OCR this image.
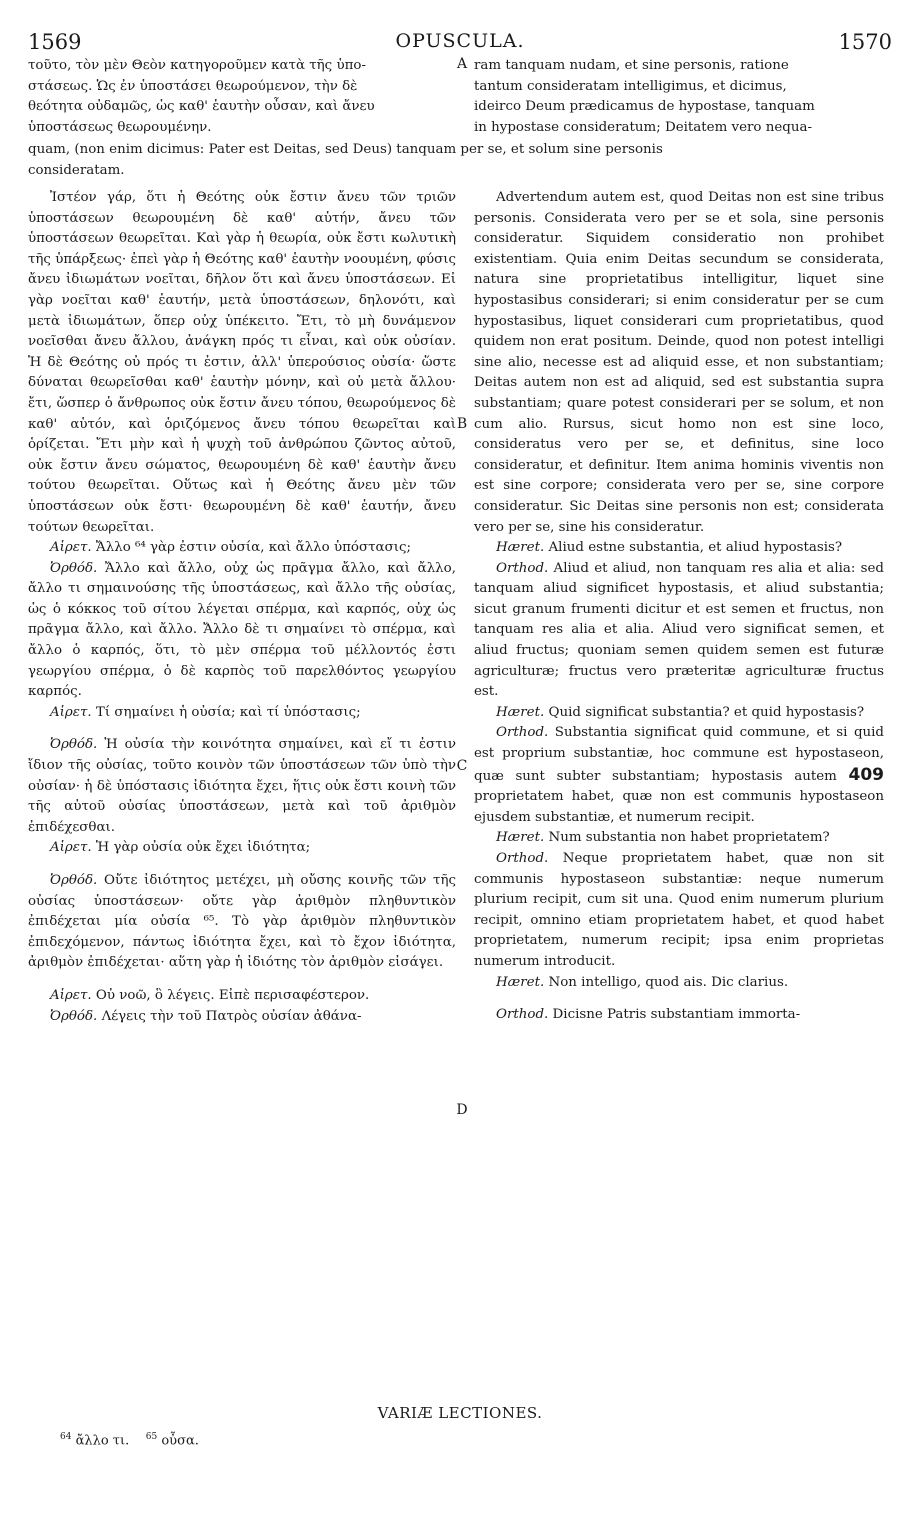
1569	OPUSCULA.	1570

τοῦτο, τὸν μὲν Θεὸν κατηγοροῦμεν κατὰ τῆς ὑπο-

στάσεως. Ὡς ἐν ὑποστάσει θεωρούμενον, τὴν δὲ

θεότητα οὐδαμῶς, ὡς καθ' ἑαυτὴν οὖσαν, καὶ ἄνευ

ὑποστάσεως θεωρουμένην.

A ram tanquam nudam, et sine personis, ratione

tantum consideratam intelligimus, et dicimus,

ideirco Deum prædicamus de hypostase, tanquam

in hypostase consideratum; Deitatem vero nequa-

quam, (non enim dicimus: Pater est Deitas, sed Deus) tanquam per se, et solum sine personis

consideratam.

Ἰστέον γάρ, ὅτι ἡ Θεότης οὐκ ἔστιν ἄνευ τῶν τριῶν ὑποστάσεων θεωρουμένη δὲ καθ' αὑτήν, ἄνευ τῶν ὑποστάσεων θεωρεῖται. Καὶ γὰρ ἡ θεωρία, οὐκ ἔστι κωλυτικὴ τῆς ὑπάρξεως· ἐπεὶ γὰρ ἡ Θεότης καθ' ἑαυτὴν νοουμένη, φύσις ἄνευ ἰδιωμάτων νοεῖται, δῆλον ὅτι καὶ ἄνευ ὑποστάσεων. Εἰ γὰρ νοεῖται καθ' ἑαυτήν, μετὰ ὑποστάσεων, δηλονότι, καὶ μετὰ ἰδιωμάτων, ὅπερ οὐχ ὑπέκειτο. Ἔτι, τὸ μὴ δυνάμενον νοεῖσθαι ἄνευ ἄλλου, ἀνάγκη πρός τι εἶναι, καὶ οὐκ οὐσίαν. Ἡ δὲ Θεότης οὐ πρός τι ἐστιν, ἀλλ' ὑπερούσιος οὐσία· ὥστε δύναται θεωρεῖσθαι καθ' ἑαυτὴν μόνην, καὶ οὐ μετὰ ἄλλου· ἔτι, ὥσπερ ὁ ἄνθρωπος οὐκ ἔστιν ἄνευ τόπου, θεωρούμενος δὲ καθ' αὑτόν, καὶ ὁριζόμενος ἄνευ τόπου θεωρεῖται καὶ ὁρίζεται. Ἔτι μὴν καὶ ἡ ψυχὴ τοῦ ἀνθρώπου ζῶντος αὐτοῦ, οὐκ ἔστιν ἄνευ σώματος, θεωρουμένη δὲ καθ' ἑαυτὴν ἄνευ τούτου θεωρεῖται. Οὕτως καὶ ἡ Θεότης ἄνευ μὲν τῶν ὑποστάσεων οὐκ ἔστι· θεωρουμένη δὲ καθ' ἑαυτήν, ἄνευ τούτων θεωρεῖται.

Αἱρετ. Ἄλλο ⁶⁴ γὰρ ἐστιν οὐσία, καὶ ἄλλο ὑπόστασις;

Ὀρθόδ. Ἄλλο καὶ ἄλλο, οὐχ ὡς πρᾶγμα ἄλλο, καὶ ἄλλο, ἄλλο τι σημαινούσης τῆς ὑποστάσεως, καὶ ἄλλο τῆς οὐσίας, ὡς ὁ κόκκος τοῦ σίτου λέγεται σπέρμα, καὶ καρπός, οὐχ ὡς πρᾶγμα ἄλλο, καὶ ἄλλο. Ἄλλο δὲ τι σημαίνει τὸ σπέρμα, καὶ ἄλλο ὁ καρπός, ὅτι, τὸ μὲν σπέρμα τοῦ μέλλοντός ἐστι γεωργίου σπέρμα, ὁ δὲ καρπὸς τοῦ παρελθόντος γεωργίου καρπός.

Αἱρετ. Τί σημαίνει ἡ οὐσία; καὶ τί ὑπόστασις;

Ὀρθόδ. Ἡ οὐσία τὴν κοινότητα σημαίνει, καὶ εἴ τι ἐστιν ἴδιον τῆς οὐσίας, τοῦτο κοινὸν τῶν ὑποστάσεων τῶν ὑπὸ τὴν οὐσίαν· ἡ δὲ ὑπόστασις ἰδιότητα ἔχει, ἥτις οὐκ ἔστι κοινὴ τῶν τῆς αὐτοῦ οὐσίας ὑποστάσεων, μετὰ καὶ τοῦ ἀριθμὸν ἐπιδέχεσθαι.

Αἱρετ. Ἡ γὰρ οὐσία οὐκ ἔχει ἰδιότητα;

Ὀρθόδ. Οὔτε ἰδιότητος μετέχει, μὴ οὔσης κοινῆς τῶν τῆς οὐσίας ὑποστάσεων· οὔτε γὰρ ἀριθμὸν πληθυντικὸν ἐπιδέχεται μία οὐσία ⁶⁵. Τὸ γὰρ ἀριθμὸν πληθυντικὸν ἐπιδεχόμενον, πάντως ἰδιότητα ἔχει, καὶ τὸ ἔχον ἰδιότητα, ἀριθμὸν ἐπιδέχεται· αὕτη γὰρ ἡ ἰδιότης τὸν ἀριθμὸν εἰσάγει.

Αἱρετ. Οὐ νοῶ, ὃ λέγεις. Εἰπὲ περισαφέστερον.

Ὀρθόδ. Λέγεις τὴν τοῦ Πατρὸς οὐσίαν ἀθάνα-

B
C
D

Advertendum autem est, quod Deitas non est sine tribus personis. Considerata vero per se et sola, sine personis consideratur. Siquidem consideratio non prohibet existentiam. Quia enim Deitas secundum se considerata, natura sine proprietatibus intelligitur, liquet sine hypostasibus considerari; si enim consideratur per se cum hypostasibus, liquet considerari cum proprietatibus, quod quidem non erat positum. Deinde, quod non potest intelligi sine alio, necesse est ad aliquid esse, et non substantiam; Deitas autem non est ad aliquid, sed est substantia supra substantiam; quare potest considerari per se solum, et non cum alio. Rursus, sicut homo non est sine loco, consideratus vero per se, et definitus, sine loco consideratur, et definitur. Item anima hominis viventis non est sine corpore; considerata vero per se, sine corpore consideratur. Sic Deitas sine personis non est; considerata vero per se, sine his consideratur.

Hæret. Aliud estne substantia, et aliud hypostasis?

Orthod. Aliud et aliud, non tanquam res alia et alia: sed tanquam aliud significet hypostasis, et aliud substantia; sicut granum frumenti dicitur et est semen et fructus, non tanquam res alia et alia. Aliud vero significat semen, et aliud fructus; quoniam semen quidem semen est futuræ agriculturæ; fructus vero præteritæ agriculturæ fructus est.

Hæret. Quid significat substantia? et quid hypostasis?

Orthod. Substantia significat quid commune, et si quid est proprium substantiæ, hoc commune est hypostaseon, quæ sunt subter substantiam; hypostasis autem 409 proprietatem habet, quæ non est communis hypostaseon ejusdem substantiæ, et numerum recipit.

Hæret. Num substantia non habet proprietatem?

Orthod. Neque proprietatem habet, quæ non sit communis hypostaseon substantiæ: neque numerum plurium recipit, cum sit una. Quod enim numerum plurium recipit, omnino etiam proprietatem habet, et quod habet proprietatem, numerum recipit; ipsa enim proprietas numerum introducit.

Hæret. Non intelligo, quod ais. Dic clarius.

Orthod. Dicisne Patris substantiam immorta-

VARIÆ LECTIONES.
$^{64}$ ἄλλο τι. $^{65}$ οὖσα.
